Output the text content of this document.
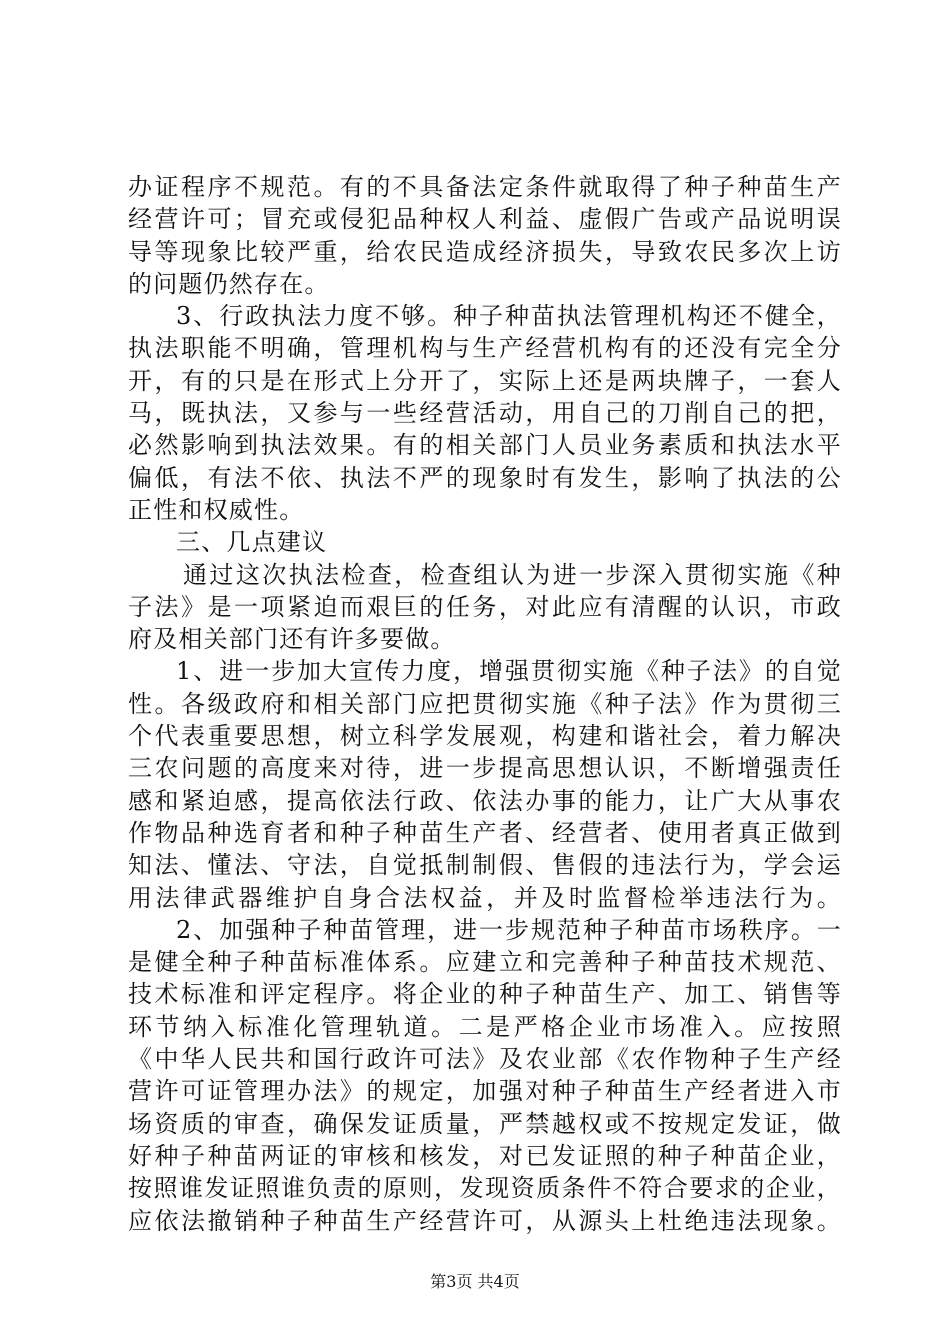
办证程序不规范。有的不具备法定条件就取得了种子种苗生产
经营许可；冒充或侵犯品种权人利益、虚假广告或产品说明误
导等现象比较严重，给农民造成经济损失，导致农民多次上访
的问题仍然存在。
3、行政执法力度不够。种子种苗执法管理机构还不健全，
执法职能不明确，管理机构与生产经营机构有的还没有完全分
开，有的只是在形式上分开了，实际上还是两块牌子，一套人
马，既执法，又参与一些经营活动，用自己的刀削自己的把，
必然影响到执法效果。有的相关部门人员业务素质和执法水平
偏低，有法不依、执法不严的现象时有发生，影响了执法的公
正性和权威性。
三、几点建议
通过这次执法检查，检查组认为进一步深入贯彻实施《种
子法》是一项紧迫而艰巨的任务，对此应有清醒的认识，市政
府及相关部门还有许多要做。
1、进一步加大宣传力度，增强贯彻实施《种子法》的自觉
性。各级政府和相关部门应把贯彻实施《种子法》作为贯彻三
个代表重要思想，树立科学发展观，构建和谐社会，着力解决
三农问题的高度来对待，进一步提高思想认识，不断增强责任
感和紧迫感，提高依法行政、依法办事的能力，让广大从事农
作物品种选育者和种子种苗生产者、经营者、使用者真正做到
知法、懂法、守法，自觉抵制制假、售假的违法行为，学会运
用法律武器维护自身合法权益，并及时监督检举违法行为。
2、加强种子种苗管理，进一步规范种子种苗市场秩序。一
是健全种子种苗标准体系。应建立和完善种子种苗技术规范、
技术标准和评定程序。将企业的种子种苗生产、加工、销售等
环节纳入标准化管理轨道。二是严格企业市场准入。应按照
《中华人民共和国行政许可法》及农业部《农作物种子生产经
营许可证管理办法》的规定，加强对种子种苗生产经者进入市
场资质的审查，确保发证质量，严禁越权或不按规定发证，做
好种子种苗两证的审核和核发，对已发证照的种子种苗企业，
按照谁发证照谁负责的原则，发现资质条件不符合要求的企业，
应依法撤销种子种苗生产经营许可，从源头上杜绝违法现象。
第3页 共4页
